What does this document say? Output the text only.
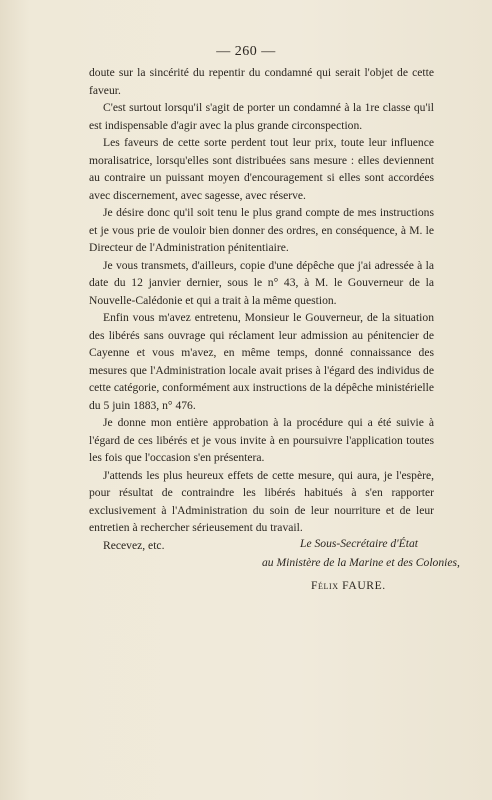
— 260 —

doute sur la sincérité du repentir du condamné qui serait l'objet de cette faveur.

C'est surtout lorsqu'il s'agit de porter un condamné à la 1re classe qu'il est indispensable d'agir avec la plus grande circonspection.

Les faveurs de cette sorte perdent tout leur prix, toute leur influence moralisatrice, lorsqu'elles sont distribuées sans mesure : elles deviennent au contraire un puissant moyen d'encouragement si elles sont accordées avec discernement, avec sagesse, avec réserve.

Je désire donc qu'il soit tenu le plus grand compte de mes instructions et je vous prie de vouloir bien donner des ordres, en conséquence, à M. le Directeur de l'Administration pénitentiaire.

Je vous transmets, d'ailleurs, copie d'une dépêche que j'ai adressée à la date du 12 janvier dernier, sous le n° 43, à M. le Gouverneur de la Nouvelle-Calédonie et qui a trait à la même question.

Enfin vous m'avez entretenu, Monsieur le Gouverneur, de la situation des libérés sans ouvrage qui réclament leur admission au pénitencier de Cayenne et vous m'avez, en même temps, donné connaissance des mesures que l'Administration locale avait prises à l'égard des individus de cette catégorie, conformément aux instructions de la dépêche ministérielle du 5 juin 1883, n° 476.

Je donne mon entière approbation à la procédure qui a été suivie à l'égard de ces libérés et je vous invite à en poursuivre l'application toutes les fois que l'occasion s'en présentera.

J'attends les plus heureux effets de cette mesure, qui aura, je l'espère, pour résultat de contraindre les libérés habitués à s'en rapporter exclusivement à l'Administration du soin de leur nourriture et de leur entretien à rechercher sérieusement du travail.

Recevez, etc.	Le Sous-Secrétaire d'État
au Ministère de la Marine et des Colonies,
Félix FAURE.
